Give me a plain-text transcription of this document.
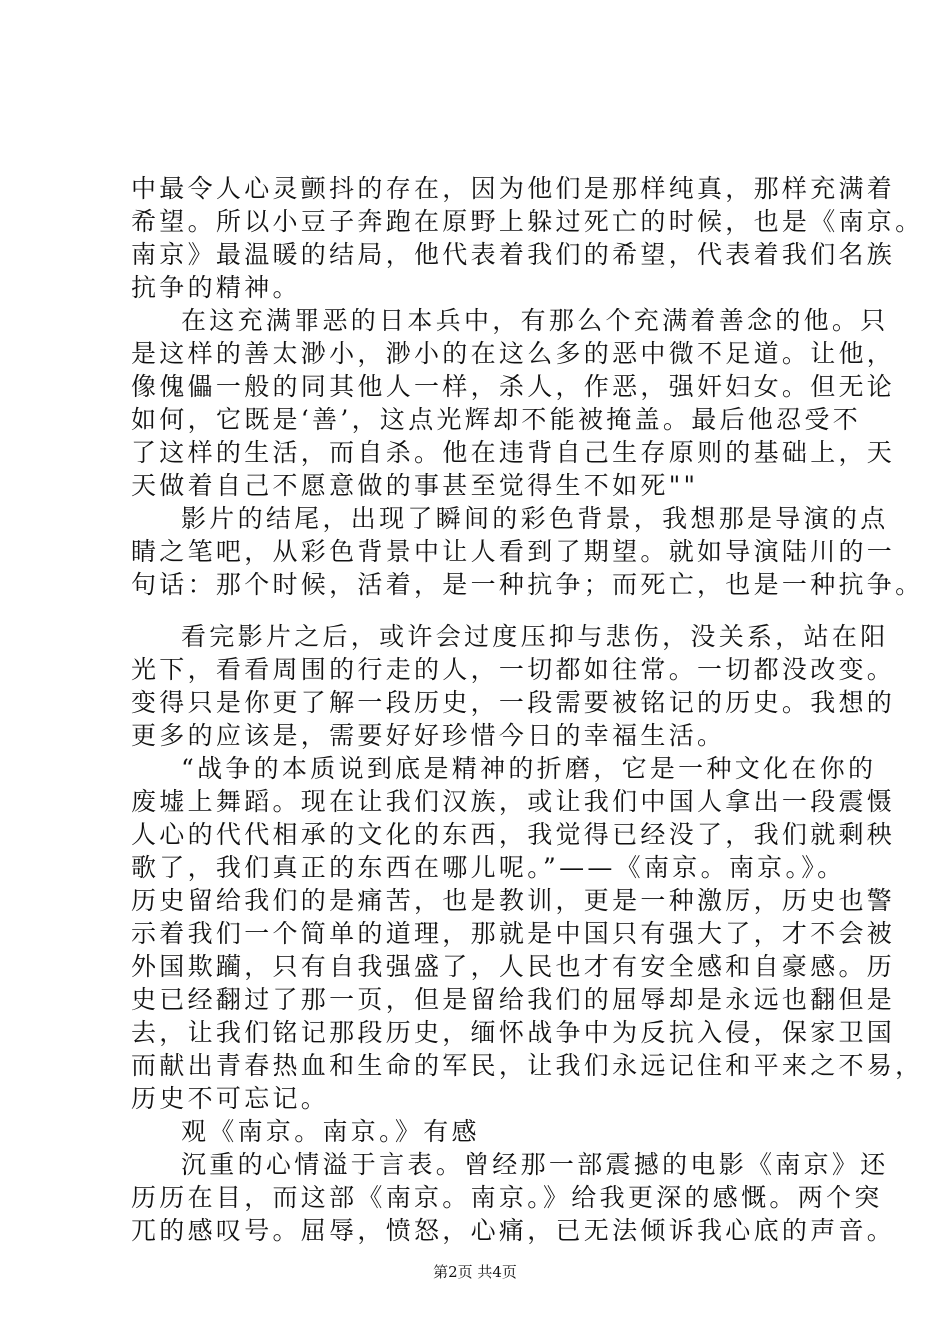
中最令人心灵颤抖的存在，因为他们是那样纯真，那样充满着
希望。所以小豆子奔跑在原野上躲过死亡的时候，也是《南京。
南京》最温暖的结局，他代表着我们的希望，代表着我们名族
抗争的精神。
在这充满罪恶的日本兵中，有那么个充满着善念的他。只
是这样的善太渺小，渺小的在这么多的恶中微不足道。让他，
像傀儡一般的同其他人一样，杀人，作恶，强奸妇女。但无论
如何，它既是‘善’，这点光辉却不能被掩盖。最后他忍受不
了这样的生活，而自杀。他在违背自己生存原则的基础上，天
天做着自己不愿意做的事甚至觉得生不如死""
影片的结尾，出现了瞬间的彩色背景，我想那是导演的点
睛之笔吧，从彩色背景中让人看到了期望。就如导演陆川的一
句话：那个时候，活着，是一种抗争；而死亡，也是一种抗争。
看完影片之后，或许会过度压抑与悲伤，没关系，站在阳
光下，看看周围的行走的人，一切都如往常。一切都没改变。
变得只是你更了解一段历史，一段需要被铭记的历史。我想的
更多的应该是，需要好好珍惜今日的幸福生活。
“战争的本质说到底是精神的折磨，它是一种文化在你的
废墟上舞蹈。现在让我们汉族，或让我们中国人拿出一段震慑
人心的代代相承的文化的东西，我觉得已经没了，我们就剩秧
歌了，我们真正的东西在哪儿呢。”——《南京。南京。》。
历史留给我们的是痛苦，也是教训，更是一种激厉，历史也警
示着我们一个简单的道理，那就是中国只有强大了，才不会被
外国欺躏，只有自我强盛了，人民也才有安全感和自豪感。历
史已经翻过了那一页，但是留给我们的屈辱却是永远也翻但是
去，让我们铭记那段历史，缅怀战争中为反抗入侵，保家卫国
而献出青春热血和生命的军民，让我们永远记住和平来之不易，
历史不可忘记。
观《南京。南京。》有感
沉重的心情溢于言表。曾经那一部震撼的电影《南京》还
历历在目，而这部《南京。南京。》给我更深的感慨。两个突
兀的感叹号。屈辱，愤怒，心痛，已无法倾诉我心底的声音。
第2页 共4页
